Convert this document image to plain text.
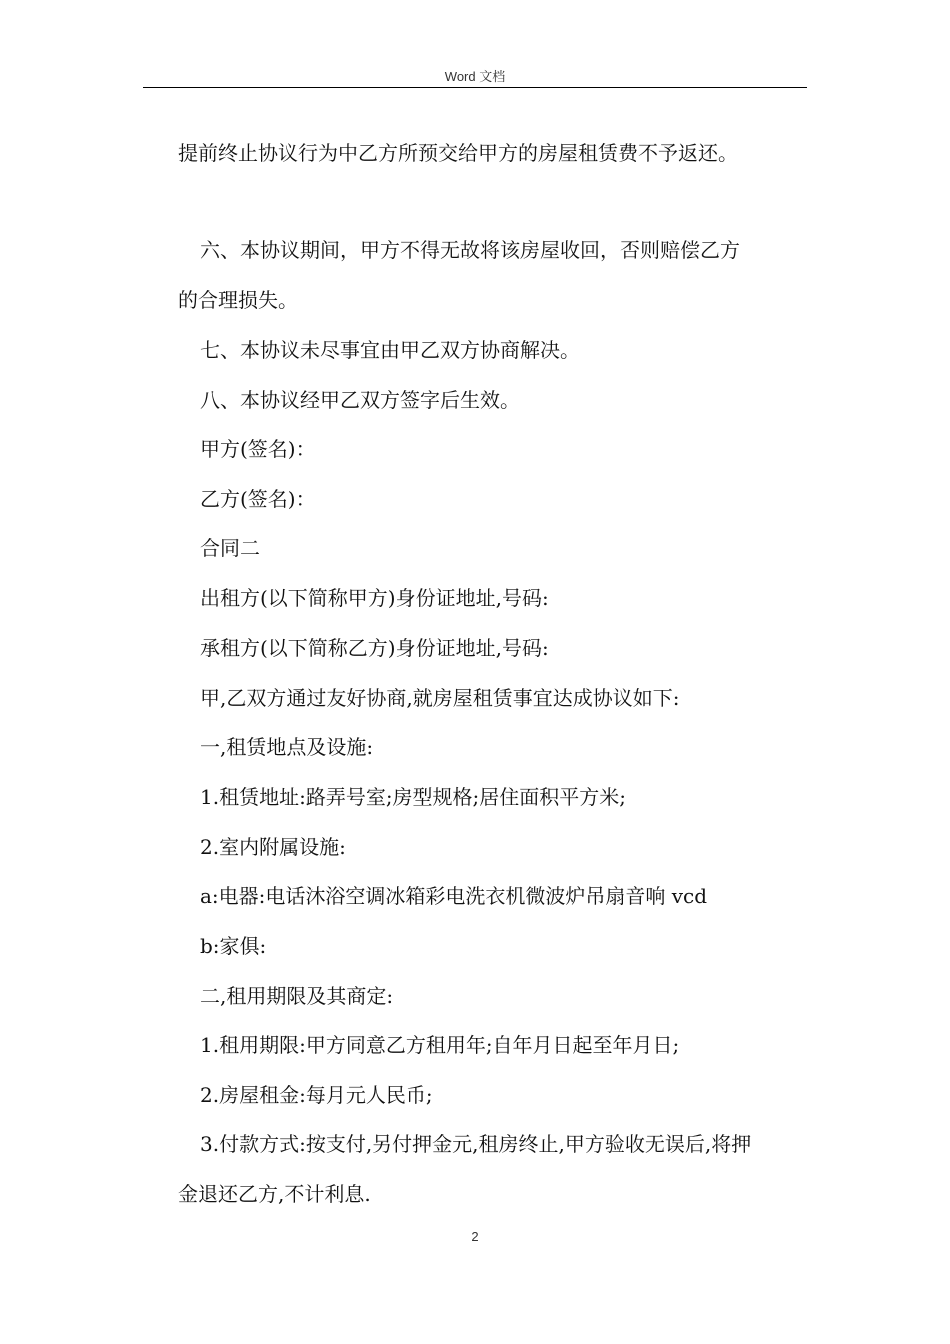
Word 文档
提前终止协议行为中乙方所预交给甲方的房屋租赁费不予返还。
六、本协议期间，甲方不得无故将该房屋收回，否则赔偿乙方
的合理损失。
七、本协议未尽事宜由甲乙双方协商解决。
八、本协议经甲乙双方签字后生效。
甲方(签名)：
乙方(签名)：
合同二
出租方(以下简称甲方)身份证地址,号码:
承租方(以下简称乙方)身份证地址,号码:
甲,乙双方通过友好协商,就房屋租赁事宜达成协议如下:
一,租赁地点及设施:
1.租赁地址:路弄号室;房型规格;居住面积平方米;
2.室内附属设施:
a:电器:电话沐浴空调冰箱彩电洗衣机微波炉吊扇音响 vcd
b:家俱:
二,租用期限及其商定:
1.租用期限:甲方同意乙方租用年;自年月日起至年月日;
2.房屋租金:每月元人民币;
3.付款方式:按支付,另付押金元,租房终止,甲方验收无误后,将押
金退还乙方,不计利息.
2
